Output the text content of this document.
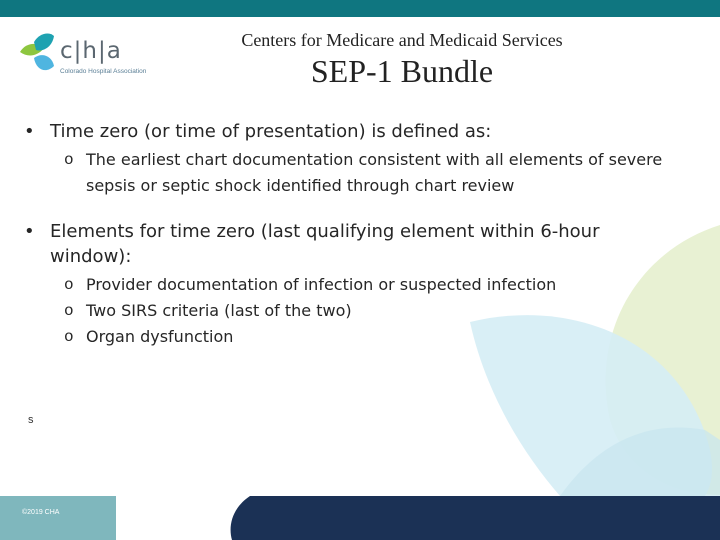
c|h|a
Colorado Hospital Association
Centers for Medicare and Medicaid Services
SEP-1 Bundle
• Time zero (or time of presentation) is defined as:
o The earliest chart documentation consistent with all elements of severe sepsis or septic shock identified through chart review
• Elements for time zero (last qualifying element within 6-hour window):
o Provider documentation of infection or suspected infection
o Two SIRS criteria (last of the two)
o Organ dysfunction
s
©2019 CHA
